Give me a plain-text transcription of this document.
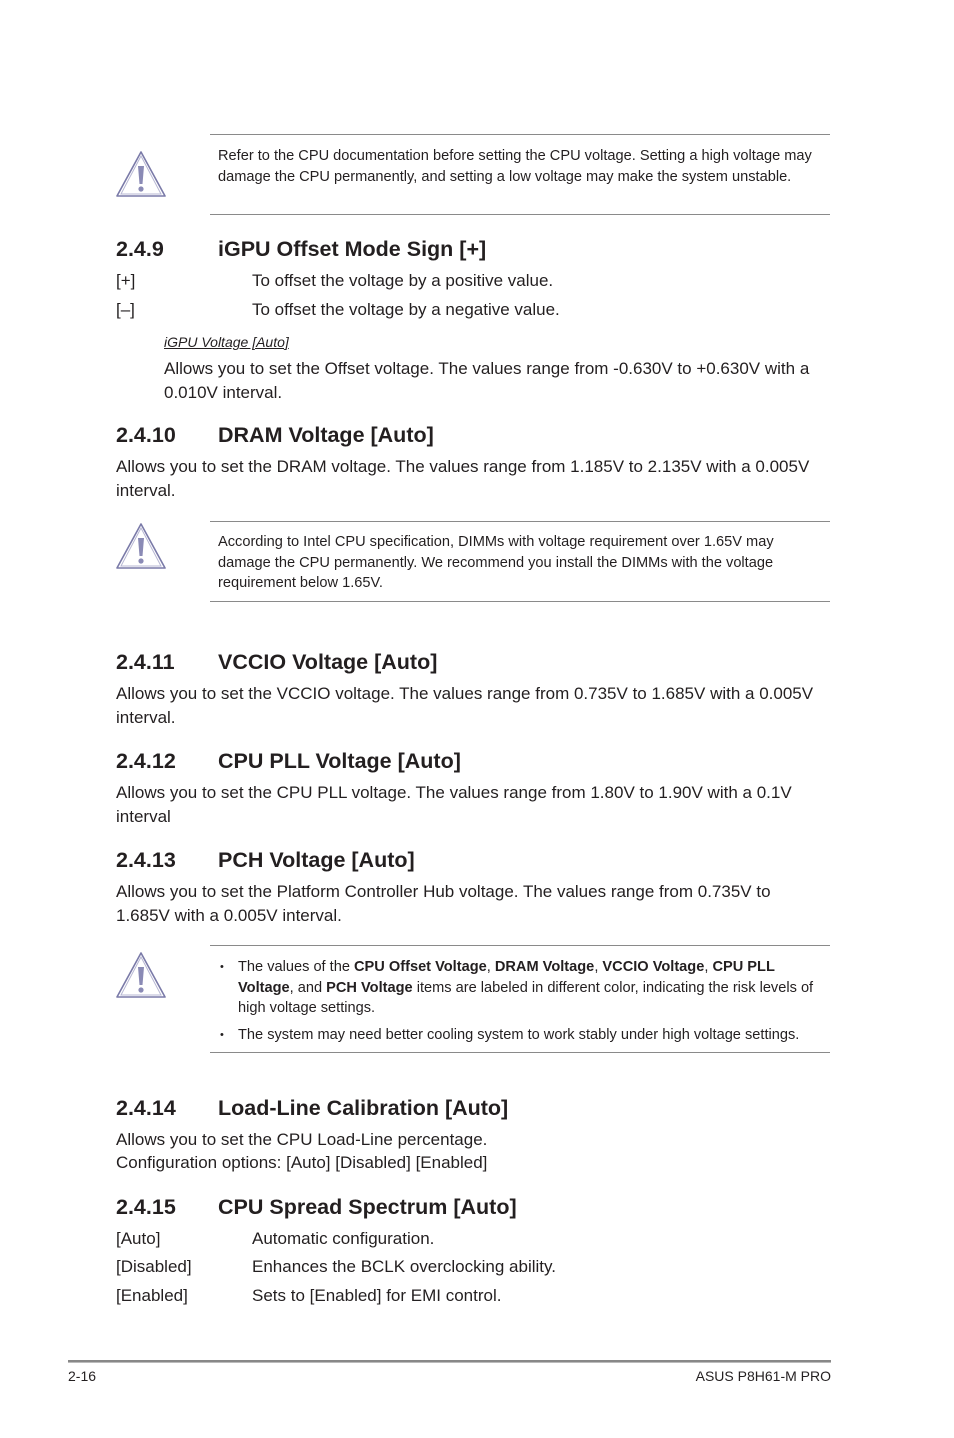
Refer to the CPU documentation before setting the CPU voltage. Setting a high voltage may damage the CPU permanently, and setting a low voltage may make the system unstable.
2.4.9	iGPU Offset Mode Sign [+]
[+]	To offset the voltage by a positive value.
[–]	To offset the voltage by a negative value.
iGPU Voltage [Auto]
Allows you to set the Offset voltage. The values range from -0.630V to +0.630V with a 0.010V interval.
2.4.10 DRAM Voltage [Auto]
Allows you to set the DRAM voltage. The values range from 1.185V to 2.135V with a 0.005V interval.
According to Intel CPU specification, DIMMs with voltage requirement over 1.65V may damage the CPU permanently. We recommend you install the DIMMs with the voltage requirement below 1.65V.
2.4.11 VCCIO Voltage [Auto]
Allows you to set the VCCIO voltage. The values range from 0.735V to 1.685V with a 0.005V interval.
2.4.12 CPU PLL Voltage [Auto]
Allows you to set the CPU PLL voltage. The values range from 1.80V to 1.90V with a 0.1V interval
2.4.13 PCH Voltage [Auto]
Allows you to set the Platform Controller Hub voltage. The values range from 0.735V to 1.685V with a 0.005V interval.
• The values of the CPU Offset Voltage, DRAM Voltage, VCCIO Voltage, CPU PLL Voltage, and PCH Voltage items are labeled in different color, indicating the risk levels of high voltage settings.
• The system may need better cooling system to work stably under high voltage settings.
2.4.14 Load-Line Calibration [Auto]
Allows you to set the CPU Load-Line percentage.
Configuration options: [Auto] [Disabled] [Enabled]
2.4.15 CPU Spread Spectrum [Auto]
[Auto]	Automatic configuration.
[Disabled]	Enhances the BCLK overclocking ability.
[Enabled]	Sets to [Enabled] for EMI control.
2-16	ASUS P8H61-M PRO
